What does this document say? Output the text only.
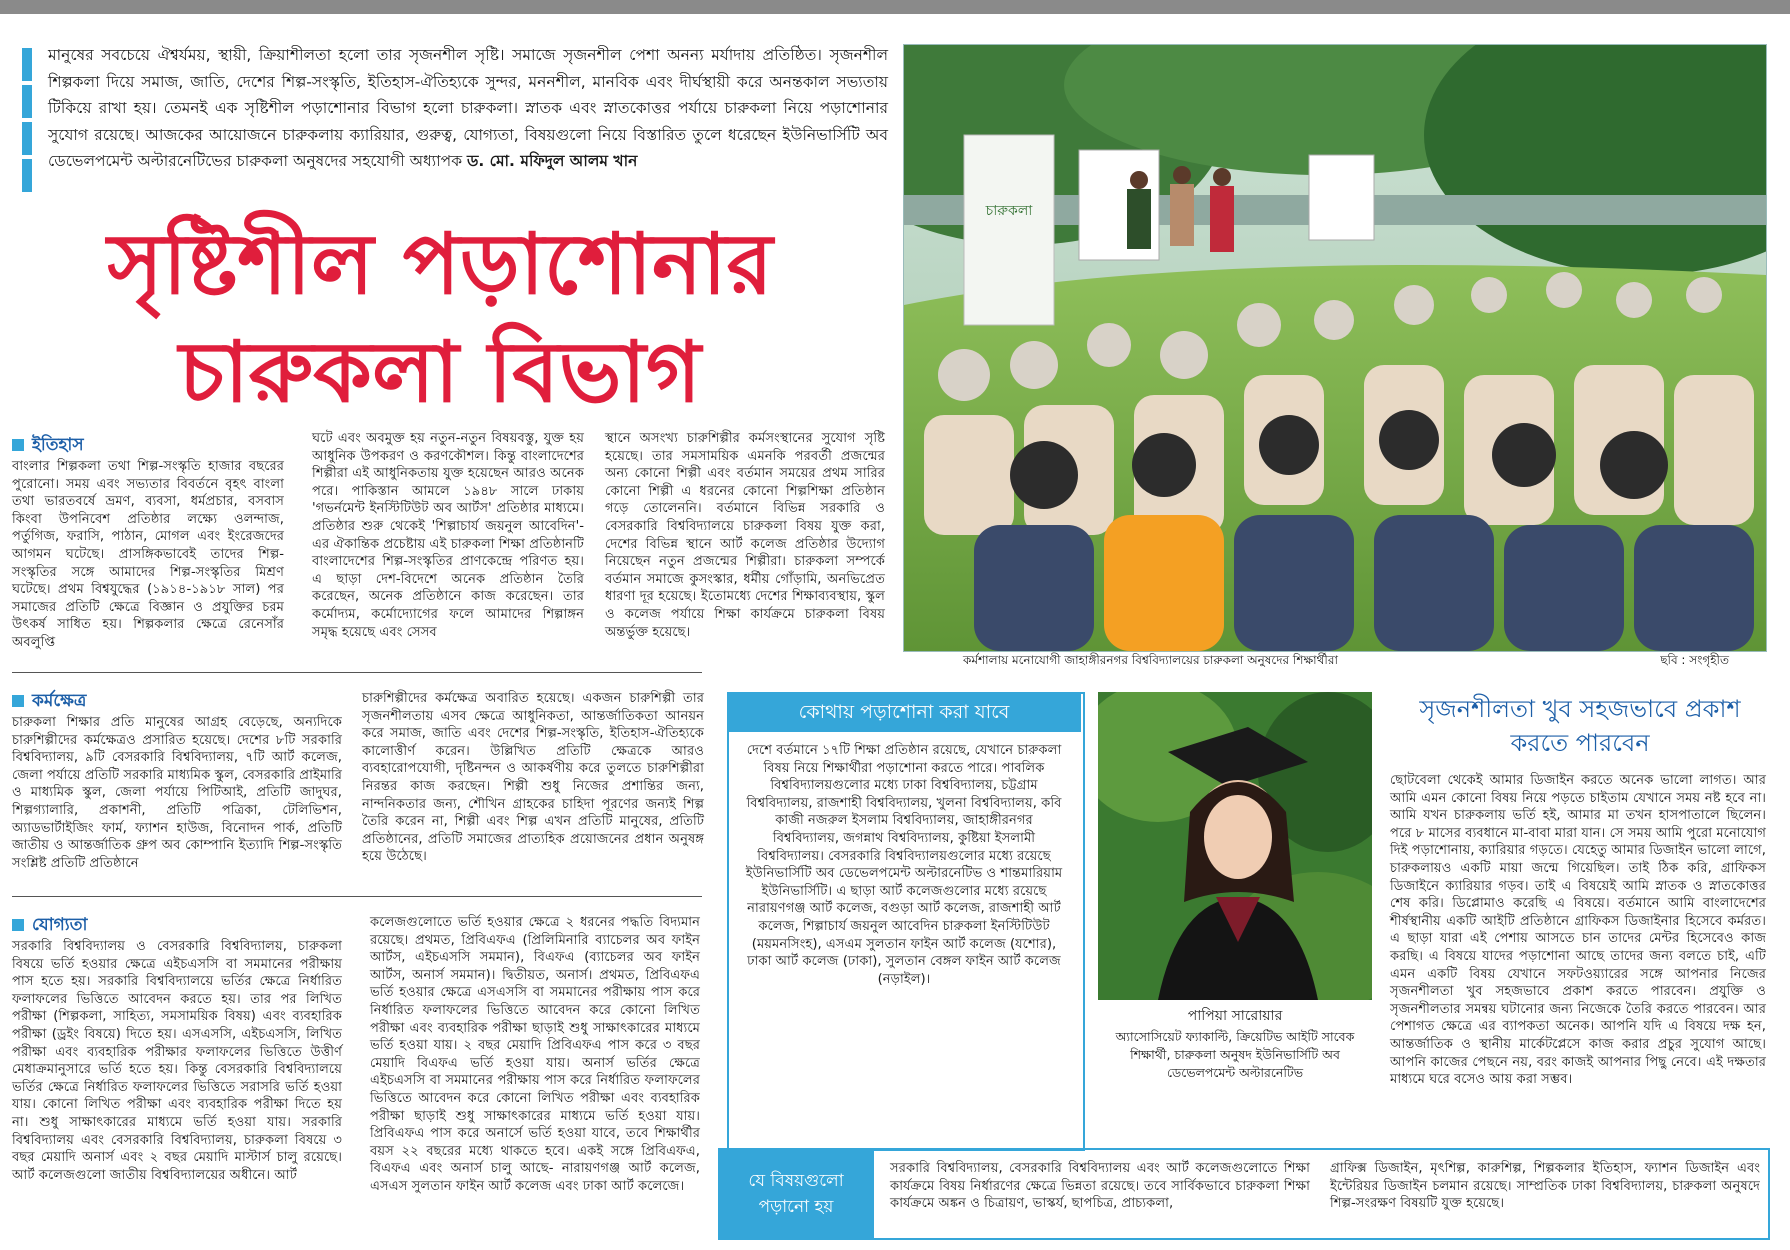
মানুষের সবচেয়ে ঐশ্বর্যময়, স্থায়ী, ক্রিয়াশীলতা হলো তার সৃজনশীল সৃষ্টি। সমাজে সৃজনশীল পেশা অনন্য মর্যাদায় প্রতিষ্ঠিত। সৃজনশীল শিল্পকলা দিয়ে সমাজ, জাতি, দেশের শিল্প-সংস্কৃতি, ইতিহাস-ঐতিহ্যকে সুন্দর, মননশীল, মানবিক এবং দীর্ঘস্থায়ী করে অনন্তকাল সভ্যতায় টিকিয়ে রাখা হয়। তেমনই এক সৃষ্টিশীল পড়াশোনার বিভাগ হলো চারুকলা। স্নাতক এবং স্নাতকোত্তর পর্যায়ে চারুকলা নিয়ে পড়াশোনার সুযোগ রয়েছে। আজকের আয়োজনে চারুকলায় ক্যারিয়ার, গুরুত্ব, যোগ্যতা, বিষয়গুলো নিয়ে বিস্তারিত তুলে ধরেছেন ইউনিভার্সিটি অব ডেভেলপমেন্ট অল্টারনেটিভের চারুকলা অনুষদের সহযোগী অধ্যাপক ড. মো. মফিদুল আলম খান
সৃষ্টিশীল পড়াশোনার
চারুকলা বিভাগ
চারুকলা
কর্মশালায় মনোযোগী জাহাঙ্গীরনগর বিশ্ববিদ্যালয়ের চারুকলা অনুষদের শিক্ষার্থীরা	ছবি : সংগৃহীত
ইতিহাস
বাংলার শিল্পকলা তথা শিল্প-সংস্কৃতি হাজার বছরের পুরোনো। সময় এবং সভ্যতার বিবর্তনে বৃহৎ বাংলা তথা ভারতবর্ষে ভ্রমণ, ব্যবসা, ধর্মপ্রচার, বসবাস কিংবা উপনিবেশ প্রতিষ্ঠার লক্ষ্যে ওলন্দাজ, পর্তুগিজ, ফরাসি, পাঠান, মোগল এবং ইংরেজদের আগমন ঘটেছে। প্রাসঙ্গিকভাবেই তাদের শিল্প-সংস্কৃতির সঙ্গে আমাদের শিল্প-সংস্কৃতির মিশ্রণ ঘটেছে। প্রথম বিশ্বযুদ্ধের (১৯১৪-১৯১৮ সাল) পর সমাজের প্রতিটি ক্ষেত্রে বিজ্ঞান ও প্রযুক্তির চরম উৎকর্ষ সাধিত হয়। শিল্পকলার ক্ষেত্রে রেনেসাঁর অবলুপ্তি
ঘটে এবং অবমুক্ত হয় নতুন-নতুন বিষয়বস্তু, যুক্ত হয় আধুনিক উপকরণ ও করণকৌশল। কিন্তু বাংলাদেশের শিল্পীরা এই আধুনিকতায় যুক্ত হয়েছেন আরও অনেক পরে। পাকিস্তান আমলে ১৯৪৮ সালে ঢাকায় 'গভর্নমেন্ট ইনস্টিটিউট অব আর্টস' প্রতিষ্ঠার মাধ্যমে। প্রতিষ্ঠার শুরু থেকেই 'শিল্পাচার্য জয়নুল আবেদিন'-এর ঐকান্তিক প্রচেষ্টায় এই চারুকলা শিক্ষা প্রতিষ্ঠানটি বাংলাদেশের শিল্প-সংস্কৃতির প্রাণকেন্দ্রে পরিণত হয়। এ ছাড়া দেশ-বিদেশে অনেক প্রতিষ্ঠান তৈরি করেছেন, অনেক প্রতিষ্ঠানে কাজ করেছেন। তার কর্মোদ্যম, কর্মোদ্যোগের ফলে আমাদের শিল্পাঙ্গন সমৃদ্ধ হয়েছে এবং সেসব
স্থানে অসংখ্য চারুশিল্পীর কর্মসংস্থানের সুযোগ সৃষ্টি হয়েছে। তার সমসাময়িক এমনকি পরবর্তী প্রজন্মের অন্য কোনো শিল্পী এবং বর্তমান সময়ের প্রথম সারির কোনো শিল্পী এ ধরনের কোনো শিল্পশিক্ষা প্রতিষ্ঠান গড়ে তোলেননি। বর্তমানে বিভিন্ন সরকারি ও বেসরকারি বিশ্ববিদ্যালয়ে চারুকলা বিষয় যুক্ত করা, দেশের বিভিন্ন স্থানে আর্ট কলেজ প্রতিষ্ঠার উদ্যোগ নিয়েছেন নতুন প্রজন্মের শিল্পীরা। চারুকলা সম্পর্কে বর্তমান সমাজে কুসংস্কার, ধর্মীয় গোঁড়ামি, অনভিপ্রেত ধারণা দূর হয়েছে। ইতোমধ্যে দেশের শিক্ষাব্যবস্থায়, স্কুল ও কলেজ পর্যায়ে শিক্ষা কার্যক্রমে চারুকলা বিষয় অন্তর্ভুক্ত হয়েছে।
কর্মক্ষেত্র
চারুকলা শিক্ষার প্রতি মানুষের আগ্রহ বেড়েছে, অন্যদিকে চারুশিল্পীদের কর্মক্ষেত্রও প্রসারিত হয়েছে। দেশের ৮টি সরকারি বিশ্ববিদ্যালয়, ৯টি বেসরকারি বিশ্ববিদ্যালয়, ৭টি আর্ট কলেজ, জেলা পর্যায়ে প্রতিটি সরকারি মাধ্যমিক স্কুল, বেসরকারি প্রাইমারি ও মাধ্যমিক স্কুল, জেলা পর্যায়ে পিটিআই, প্রতিটি জাদুঘর, শিল্পগ্যালারি, প্রকাশনী, প্রতিটি পত্রিকা, টেলিভিশন, অ্যাডভার্টাইজিং ফার্ম, ফ্যাশন হাউজ, বিনোদন পার্ক, প্রতিটি জাতীয় ও আন্তর্জাতিক গ্রুপ অব কোম্পানি ইত্যাদি শিল্প-সংস্কৃতি সংশ্লিষ্ট প্রতিটি প্রতিষ্ঠানে
চারুশিল্পীদের কর্মক্ষেত্র অবারিত হয়েছে। একজন চারুশিল্পী তার সৃজনশীলতায় এসব ক্ষেত্রে আধুনিকতা, আন্তর্জাতিকতা আনয়ন করে সমাজ, জাতি এবং দেশের শিল্প-সংস্কৃতি, ইতিহাস-ঐতিহ্যকে কালোত্তীর্ণ করেন। উল্লিখিত প্রতিটি ক্ষেত্রকে আরও ব্যবহারোপযোগী, দৃষ্টিনন্দন ও আকর্ষণীয় করে তুলতে চারুশিল্পীরা নিরন্তর কাজ করছেন। শিল্পী শুধু নিজের প্রশান্তির জন্য, নান্দনিকতার জন্য, শৌখিন গ্রাহকের চাহিদা পূরণের জন্যই শিল্প তৈরি করেন না, শিল্পী এবং শিল্প এখন প্রতিটি মানুষের, প্রতিটি প্রতিষ্ঠানের, প্রতিটি সমাজের প্রাত্যহিক প্রয়োজনের প্রধান অনুষঙ্গ হয়ে উঠেছে।
যোগ্যতা
সরকারি বিশ্ববিদ্যালয় ও বেসরকারি বিশ্ববিদ্যালয়, চারুকলা বিষয়ে ভর্তি হওয়ার ক্ষেত্রে এইচএসসি বা সমমানের পরীক্ষায় পাস হতে হয়। সরকারি বিশ্ববিদ্যালয়ে ভর্তির ক্ষেত্রে নির্ধারিত ফলাফলের ভিত্তিতে আবেদন করতে হয়। তার পর লিখিত পরীক্ষা (শিল্পকলা, সাহিত্য, সমসাময়িক বিষয়) এবং ব্যবহারিক পরীক্ষা (ড্রইং বিষয়ে) দিতে হয়। এসএসসি, এইচএসসি, লিখিত পরীক্ষা এবং ব্যবহারিক পরীক্ষার ফলাফলের ভিত্তিতে উত্তীর্ণ মেধাক্রমানুসারে ভর্তি হতে হয়। কিন্তু বেসরকারি বিশ্ববিদ্যালয়ে ভর্তির ক্ষেত্রে নির্ধারিত ফলাফলের ভিত্তিতে সরাসরি ভর্তি হওয়া যায়। কোনো লিখিত পরীক্ষা এবং ব্যবহারিক পরীক্ষা দিতে হয় না। শুধু সাক্ষাৎকারের মাধ্যমে ভর্তি হওয়া যায়। সরকারি বিশ্ববিদ্যালয় এবং বেসরকারি বিশ্ববিদ্যালয়, চারুকলা বিষয়ে ৩ বছর মেয়াদি অনার্স এবং ২ বছর মেয়াদি মাস্টার্স চালু রয়েছে। আর্ট কলেজগুলো জাতীয় বিশ্ববিদ্যালয়ের অধীনে। আর্ট
কলেজগুলোতে ভর্তি হওয়ার ক্ষেত্রে ২ ধরনের পদ্ধতি বিদ্যমান রয়েছে। প্রথমত, প্রিবিএফএ (প্রিলিমিনারি ব্যাচেলর অব ফাইন আর্টস, এইচএসসি সমমান), বিএফএ (ব্যাচেলর অব ফাইন আর্টস, অনার্স সমমান)। দ্বিতীয়ত, অনার্স। প্রথমত, প্রিবিএফএ ভর্তি হওয়ার ক্ষেত্রে এসএসসি বা সমমানের পরীক্ষায় পাস করে নির্ধারিত ফলাফলের ভিত্তিতে আবেদন করে কোনো লিখিত পরীক্ষা এবং ব্যবহারিক পরীক্ষা ছাড়াই শুধু সাক্ষাৎকারের মাধ্যমে ভর্তি হওয়া যায়। ২ বছর মেয়াদি প্রিবিএফএ পাস করে ৩ বছর মেয়াদি বিএফএ ভর্তি হওয়া যায়। অনার্স ভর্তির ক্ষেত্রে এইচএসসি বা সমমানের পরীক্ষায় পাস করে নির্ধারিত ফলাফলের ভিত্তিতে আবেদন করে কোনো লিখিত পরীক্ষা এবং ব্যবহারিক পরীক্ষা ছাড়াই শুধু সাক্ষাৎকারের মাধ্যমে ভর্তি হওয়া যায়। প্রিবিএফএ পাস করে অনার্সে ভর্তি হওয়া যাবে, তবে শিক্ষার্থীর বয়স ২২ বছরের মধ্যে থাকতে হবে। একই সঙ্গে প্রিবিএফএ, বিএফএ এবং অনার্স চালু আছে- নারায়ণগঞ্জ আর্ট কলেজ, এসএস সুলতান ফাইন আর্ট কলেজ এবং ঢাকা আর্ট কলেজে।
কোথায় পড়াশোনা করা যাবে
দেশে বর্তমানে ১৭টি শিক্ষা প্রতিষ্ঠান রয়েছে, যেখানে চারুকলা বিষয় নিয়ে শিক্ষার্থীরা পড়াশোনা করতে পারে। পাবলিক বিশ্ববিদ্যালয়গুলোর মধ্যে ঢাকা বিশ্ববিদ্যালয়, চট্টগ্রাম বিশ্ববিদ্যালয়, রাজশাহী বিশ্ববিদ্যালয়, খুলনা বিশ্ববিদ্যালয়, কবি কাজী নজরুল ইসলাম বিশ্ববিদ্যালয়, জাহাঙ্গীরনগর বিশ্ববিদ্যালয়, জগন্নাথ বিশ্ববিদ্যালয়, কুষ্টিয়া ইসলামী বিশ্ববিদ্যালয়। বেসরকারি বিশ্ববিদ্যালয়গুলোর মধ্যে রয়েছে ইউনিভার্সিটি অব ডেভেলপমেন্ট অল্টারনেটিভ ও শান্তমারিয়াম ইউনিভার্সিটি। এ ছাড়া আর্ট কলেজগুলোর মধ্যে রয়েছে নারায়ণগঞ্জ আর্ট কলেজ, বগুড়া আর্ট কলেজ, রাজশাহী আর্ট কলেজ, শিল্পাচার্য জয়নুল আবেদিন চারুকলা ইনস্টিটিউট (ময়মনসিংহ), এসএম সুলতান ফাইন আর্ট কলেজ (যশোর), ঢাকা আর্ট কলেজ (ঢাকা), সুলতান বেঙ্গল ফাইন আর্ট কলেজ (নড়াইল)।
পাপিয়া সারোয়ার
অ্যাসোসিয়েট ফ্যাকাল্টি, ক্রিয়েটিভ আইটি সাবেক শিক্ষার্থী, চারুকলা অনুষদ ইউনিভার্সিটি অব ডেভেলপমেন্ট অল্টারনেটিভ
সৃজনশীলতা খুব সহজভাবে প্রকাশ করতে পারবেন
ছোটবেলা থেকেই আমার ডিজাইন করতে অনেক ভালো লাগত। আর আমি এমন কোনো বিষয় নিয়ে পড়তে চাইতাম যেখানে সময় নষ্ট হবে না। আমি যখন চারুকলায় ভর্তি হই, আমার মা তখন হাসপাতালে ছিলেন। পরে ৮ মাসের ব্যবধানে মা-বাবা মারা যান। সে সময় আমি পুরো মনোযোগ দিই পড়াশোনায়, ক্যারিয়ার গড়তে। যেহেতু আমার ডিজাইন ভালো লাগে, চারুকলায়ও একটি মায়া জন্মে গিয়েছিল। তাই ঠিক করি, গ্রাফিকস ডিজাইনে ক্যারিয়ার গড়ব। তাই এ বিষয়েই আমি স্নাতক ও স্নাতকোত্তর শেষ করি। ডিপ্লোমাও করেছি এ বিষয়ে। বর্তমানে আমি বাংলাদেশের শীর্ষস্থানীয় একটি আইটি প্রতিষ্ঠানে গ্রাফিকস ডিজাইনার হিসেবে কর্মরত। এ ছাড়া যারা এই পেশায় আসতে চান তাদের মেন্টর হিসেবেও কাজ করছি। এ বিষয়ে যাদের পড়াশোনা আছে তাদের জন্য বলতে চাই, এটি এমন একটি বিষয় যেখানে সফটওয়্যারের সঙ্গে আপনার নিজের সৃজনশীলতা খুব সহজভাবে প্রকাশ করতে পারবেন। প্রযুক্তি ও সৃজনশীলতার সমন্বয় ঘটানোর জন্য নিজেকে তৈরি করতে পারবেন। আর পেশাগত ক্ষেত্রে এর ব্যাপকতা অনেক। আপনি যদি এ বিষয়ে দক্ষ হন, আন্তর্জাতিক ও স্থানীয় মার্কেটপ্লেসে কাজ করার প্রচুর সুযোগ আছে। আপনি কাজের পেছনে নয়, বরং কাজই আপনার পিছু নেবে। এই দক্ষতার মাধ্যমে ঘরে বসেও আয় করা সম্ভব।
যে বিষয়গুলো
পড়ানো হয়
সরকারি বিশ্ববিদ্যালয়, বেসরকারি বিশ্ববিদ্যালয় এবং আর্ট কলেজগুলোতে শিক্ষা কার্যক্রমে বিষয় নির্ধারণের ক্ষেত্রে ভিন্নতা রয়েছে। তবে সার্বিকভাবে চারুকলা শিক্ষা কার্যক্রমে অঙ্কন ও চিত্রায়ণ, ভাস্কর্য, ছাপচিত্র, প্রাচ্যকলা,
গ্রাফিক্স ডিজাইন, মৃৎশিল্প, কারুশিল্প, শিল্পকলার ইতিহাস, ফ্যাশন ডিজাইন এবং ইন্টেরিয়র ডিজাইন চলমান রয়েছে। সাম্প্রতিক ঢাকা বিশ্ববিদ্যালয়, চারুকলা অনুষদে শিল্প-সংরক্ষণ বিষয়টি যুক্ত হয়েছে।
